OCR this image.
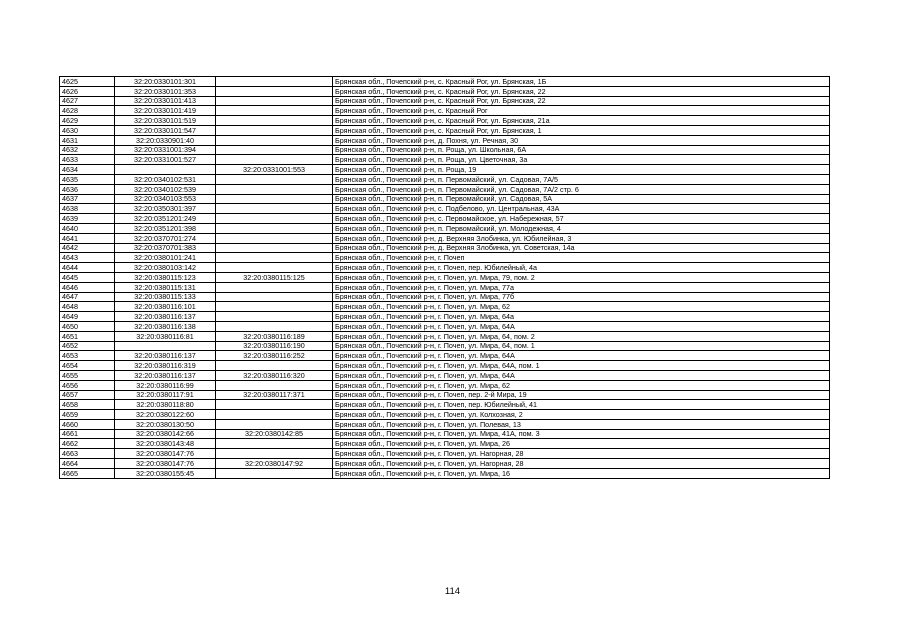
4625	32:20:0330101:301		Брянская обл., Почепский р-н, с. Красный Рог, ул. Брянская, 1Б
4626	32:20:0330101:353		Брянская обл., Почепский р-н, с. Красный Рог, ул. Брянская, 22
4627	32:20:0330101:413		Брянская обл., Почепский р-н, с. Красный Рог, ул. Брянская, 22
4628	32:20:0330101:419		Брянская обл., Почепский р-н, с. Красный Рог
4629	32:20:0330101:519		Брянская обл., Почепский р-н, с. Красный Рог, ул. Брянская, 21а
4630	32:20:0330101:547		Брянская обл., Почепский р-н, с. Красный Рог, ул. Брянская, 1
4631	32:20:0330901:40		Брянская обл., Почепский р-н, д. Похня, ул. Речная, 30
4632	32:20:0331001:394		Брянская обл., Почепский р-н, п. Роща, ул. Школьная, 6А
4633	32:20:0331001:527		Брянская обл., Почепский р-н, п. Роща, ул. Цветочная, 3а
4634		32:20:0331001:553	Брянская обл., Почепский р-н, п. Роща, 19
4635	32:20:0340102:531		Брянская обл., Почепский р-н, п. Первомайский, ул. Садовая, 7А/5
4636	32:20:0340102:539		Брянская обл., Почепский р-н, п. Первомайский, ул. Садовая, 7А/2 стр. 6
4637	32:20:0340103:553		Брянская обл., Почепский р-н, п. Первомайский, ул. Садовая, 5А
4638	32:20:0350301:397		Брянская обл., Почепский р-н, с. Подбелово, ул. Центральная, 43А
4639	32:20:0351201:249		Брянская обл., Почепский р-н, с. Первомайское, ул. Набережная, 57
4640	32:20:0351201:398		Брянская обл., Почепский р-н, п. Первомайский, ул. Молодежная, 4
4641	32:20:0370701:274		Брянская обл., Почепский р-н, д. Верхняя Злобинка, ул. Юбилейная, 3
4642	32:20:0370701:383		Брянская обл., Почепский р-н, д. Верхняя Злобинка, ул. Советская, 14а
4643	32:20:0380101:241		Брянская обл., Почепский р-н, г. Почеп
4644	32:20:0380103:142		Брянская обл., Почепский р-н, г. Почеп, пер. Юбилейный, 4а
4645	32:20:0380115:123	32:20:0380115:125	Брянская обл., Почепский р-н, г. Почеп, ул. Мира, 79, пом. 2
4646	32:20:0380115:131		Брянская обл., Почепский р-н, г. Почеп, ул. Мира, 77а
4647	32:20:0380115:133		Брянская обл., Почепский р-н, г. Почеп, ул. Мира, 77б
4648	32:20:0380116:101		Брянская обл., Почепский р-н, г. Почеп, ул. Мира, 62
4649	32:20:0380116:137		Брянская обл., Почепский р-н, г. Почеп, ул. Мира, 64а
4650	32:20:0380116:138		Брянская обл., Почепский р-н, г. Почеп, ул. Мира, 64А
4651	32:20:0380116:81	32:20:0380116:189	Брянская обл., Почепский р-н, г. Почеп, ул. Мира, 64, пом. 2
4652		32:20:0380116:190	Брянская обл., Почепский р-н, г. Почеп, ул. Мира, 64, пом. 1
4653	32:20:0380116:137	32:20:0380116:252	Брянская обл., Почепский р-н, г. Почеп, ул. Мира, 64А
4654	32:20:0380116:319		Брянская обл., Почепский р-н, г. Почеп, ул. Мира, 64А, пом. 1
4655	32:20:0380116:137	32:20:0380116:320	Брянская обл., Почепский р-н, г. Почеп, ул. Мира, 64А
4656	32:20:0380116:99		Брянская обл., Почепский р-н, г. Почеп, ул. Мира, 62
4657	32:20:0380117:91	32:20:0380117:371	Брянская обл., Почепский р-н, г. Почеп, пер. 2-й Мира, 19
4658	32:20:0380118:80		Брянская обл., Почепский р-н, г. Почеп, пер. Юбилейный, 41
4659	32:20:0380122:60		Брянская обл., Почепский р-н, г. Почеп, ул. Колхозная, 2
4660	32:20:0380130:50		Брянская обл., Почепский р-н, г. Почеп, ул. Полевая, 13
4661	32:20:0380142:66	32:20:0380142:85	Брянская обл., Почепский р-н, г. Почеп, ул. Мира, 41А, пом. 3
4662	32:20:0380143:48		Брянская обл., Почепский р-н, г. Почеп, ул. Мира, 26
4663	32:20:0380147:76		Брянская обл., Почепский р-н, г. Почеп, ул. Нагорная, 28
4664	32:20:0380147:76	32:20:0380147:92	Брянская обл., Почепский р-н, г. Почеп, ул. Нагорная, 28
4665	32:20:0380155:45		Брянская обл., Почепский р-н, г. Почеп, ул. Мира, 16
114
